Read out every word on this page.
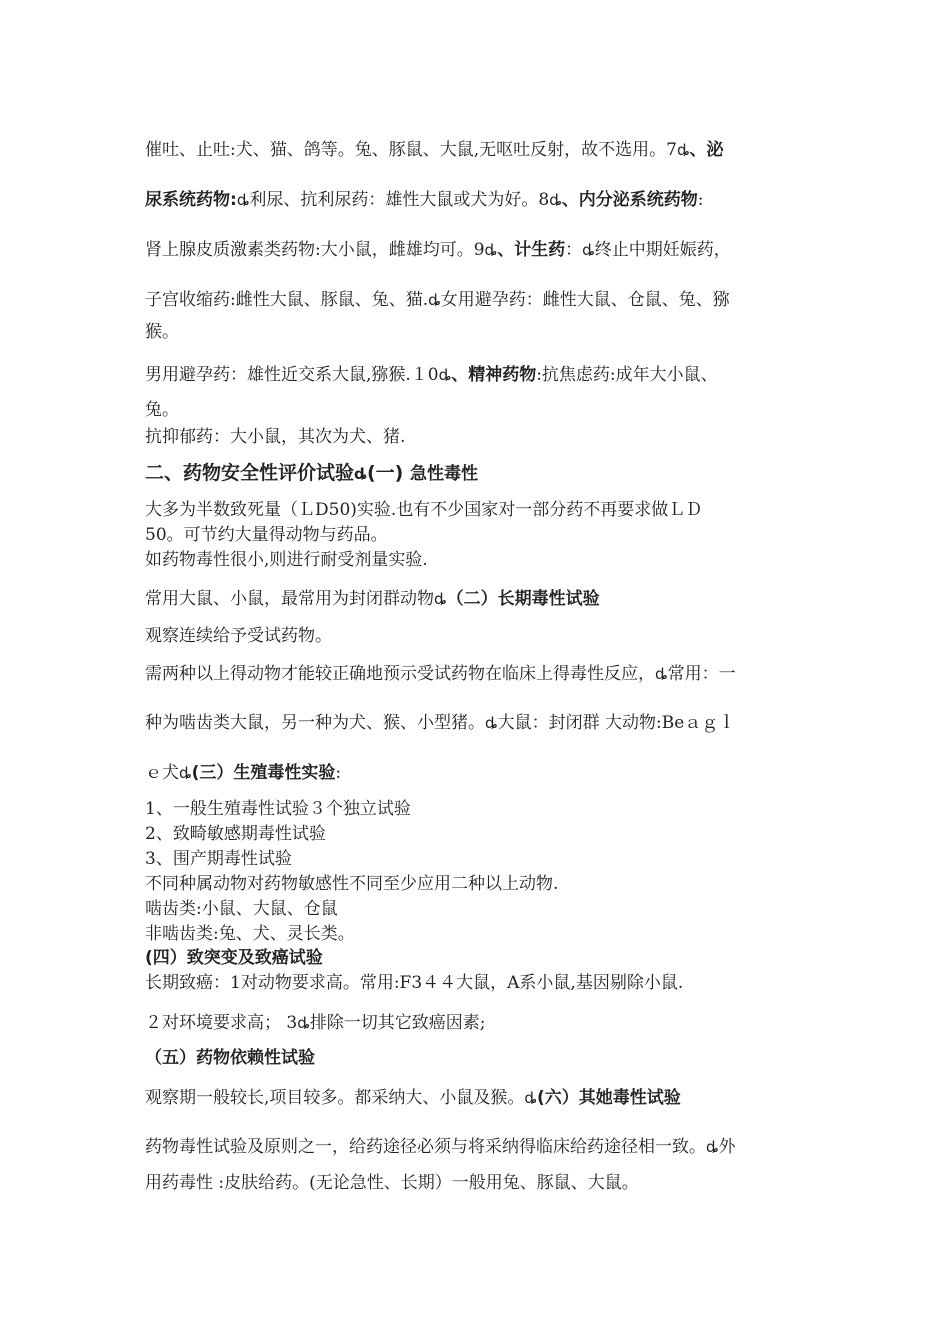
催吐、止吐:犬、猫、鸽等。兔、豚鼠、大鼠,无呕吐反射，故不选用。7ȡ、泌
尿系统药物:ȡ利尿、抗利尿药：雄性大鼠或犬为好。8ȡ、内分泌系统药物:
肾上腺皮质激素类药物:大小鼠，雌雄均可。9ȡ、计生药：ȡ终止中期妊娠药，
子宫收缩药:雌性大鼠、豚鼠、兔、猫.ȡ女用避孕药：雌性大鼠、仓鼠、兔、猕
猴。
男用避孕药：雄性近交系大鼠,猕猴.１0ȡ、精神药物:抗焦虑药:成年大小鼠、
兔。
抗抑郁药：大小鼠，其次为犬、猪.
二、药物安全性评价试验ȡ(一) 急性毒性
大多为半数致死量（ＬD50)实验.也有不少国家对一部分药不再要求做ＬＤ
50。可节约大量得动物与药品。
如药物毒性很小,则进行耐受剂量实验.
常用大鼠、小鼠，最常用为封闭群动物ȡ（二）长期毒性试验
观察连续给予受试药物。
需两种以上得动物才能较正确地预示受试药物在临床上得毒性反应，ȡ常用：一
种为啮齿类大鼠，另一种为犬、猴、小型猪。ȡ大鼠：封闭群 大动物:Beａｇｌ
ｅ犬ȡ(三）生殖毒性实验:
1、一般生殖毒性试验３个独立试验
2、致畸敏感期毒性试验
3、围产期毒性试验
不同种属动物对药物敏感性不同至少应用二种以上动物.
啮齿类:小鼠、大鼠、仓鼠
非啮齿类:兔、犬、灵长类。
(四）致突变及致癌试验
长期致癌：1对动物要求高。常用:F3４４大鼠，A系小鼠,基因剔除小鼠.
２对环境要求高； 3ȡ排除一切其它致癌因素;
（五）药物依赖性试验
观察期一般较长,项目较多。都采纳大、小鼠及猴。ȡ(六）其她毒性试验
药物毒性试验及原则之一，给药途径必须与将采纳得临床给药途径相一致。ȡ外
用药毒性 :皮肤给药。(无论急性、长期）一般用兔、豚鼠、大鼠。
